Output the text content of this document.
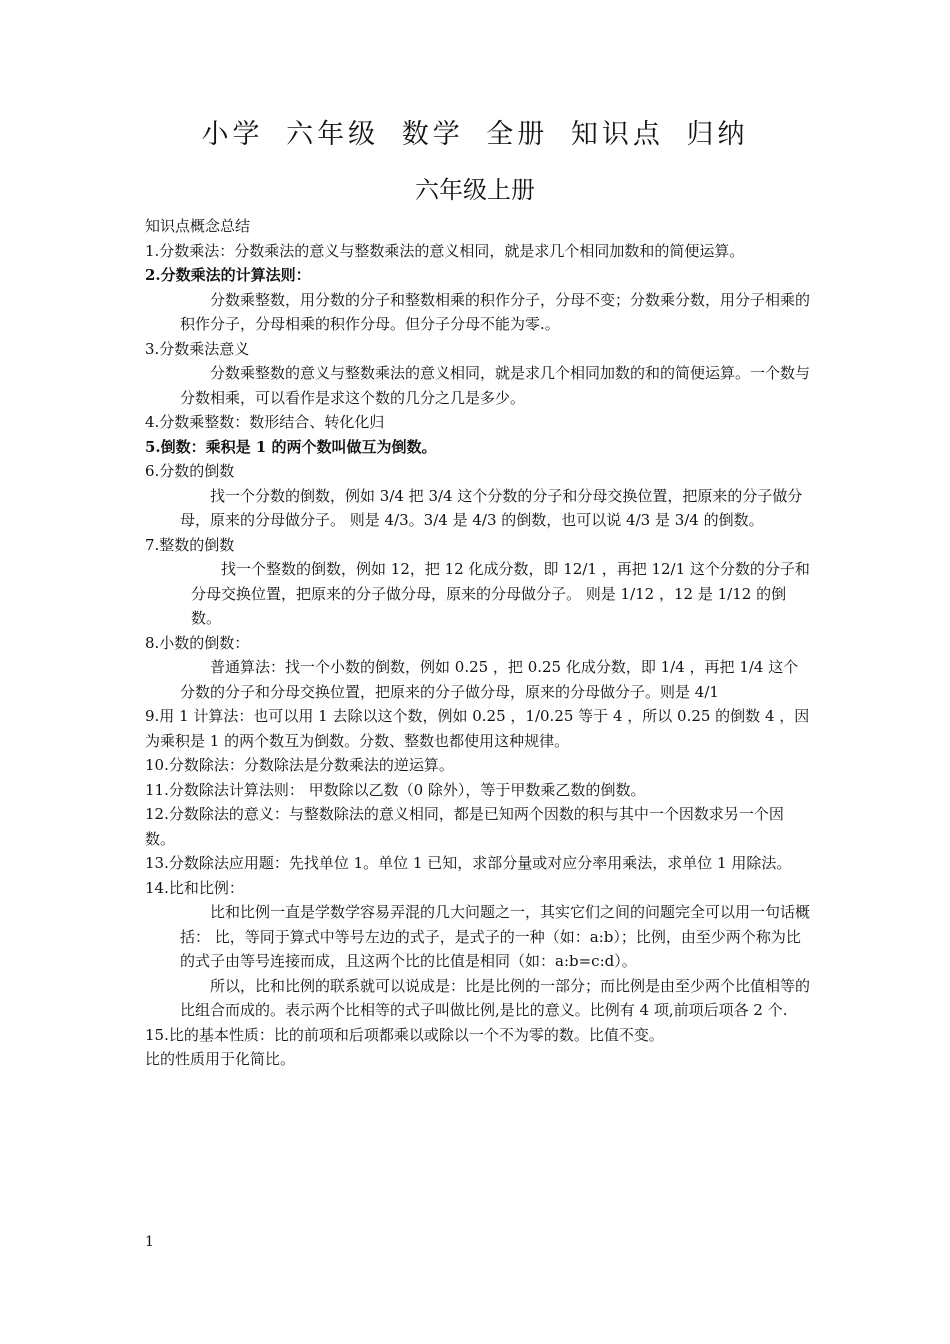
小学 六年级 数学 全册 知识点 归纳
六年级上册

知识点概念总结

1.分数乘法：分数乘法的意义与整数乘法的意义相同，就是求几个相同加数和的简便运算。

2.分数乘法的计算法则：

分数乘整数，用分数的分子和整数相乘的积作分子，分母不变；分数乘分数，用分子相乘的积作分子，分母相乘的积作分母。但分子分母不能为零.。

3.分数乘法意义

分数乘整数的意义与整数乘法的意义相同，就是求几个相同加数的和的简便运算。一个数与分数相乘，可以看作是求这个数的几分之几是多少。

4.分数乘整数：数形结合、转化化归

5.倒数：乘积是 1 的两个数叫做互为倒数。

6.分数的倒数

找一个分数的倒数，例如 3/4 把 3/4 这个分数的分子和分母交换位置，把原来的分子做分母，原来的分母做分子。 则是 4/3。3/4 是 4/3 的倒数，也可以说 4/3 是 3/4 的倒数。

7.整数的倒数

找一个整数的倒数，例如 12，把 12 化成分数，即 12/1 ，再把 12/1 这个分数的分子和分母交换位置，把原来的分子做分母，原来的分母做分子。 则是 1/12 ，12 是 1/12 的倒数。

8.小数的倒数：

普通算法：找一个小数的倒数，例如 0.25 ，把 0.25 化成分数，即 1/4 ，再把 1/4 这个分数的分子和分母交换位置，把原来的分子做分母，原来的分母做分子。则是 4/1

9.用 1 计算法：也可以用 1 去除以这个数，例如 0.25 ，1/0.25 等于 4 ，所以 0.25 的倒数 4 ，因为乘积是 1 的两个数互为倒数。分数、整数也都使用这种规律。

10.分数除法：分数除法是分数乘法的逆运算。

11.分数除法计算法则： 甲数除以乙数（0 除外），等于甲数乘乙数的倒数。

12.分数除法的意义：与整数除法的意义相同，都是已知两个因数的积与其中一个因数求另一个因数。

13.分数除法应用题：先找单位 1。单位 1 已知，求部分量或对应分率用乘法，求单位 1 用除法。

14.比和比例：

比和比例一直是学数学容易弄混的几大问题之一，其实它们之间的问题完全可以用一句话概括： 比，等同于算式中等号左边的式子，是式子的一种（如：a:b）；比例，由至少两个称为比的式子由等号连接而成，且这两个比的比值是相同（如：a:b=c:d）。

所以，比和比例的联系就可以说成是：比是比例的一部分；而比例是由至少两个比值相等的比组合而成的。表示两个比相等的式子叫做比例,是比的意义。比例有 4 项,前项后项各 2 个.

15.比的基本性质：比的前项和后项都乘以或除以一个不为零的数。比值不变。

比的性质用于化简比。

1
